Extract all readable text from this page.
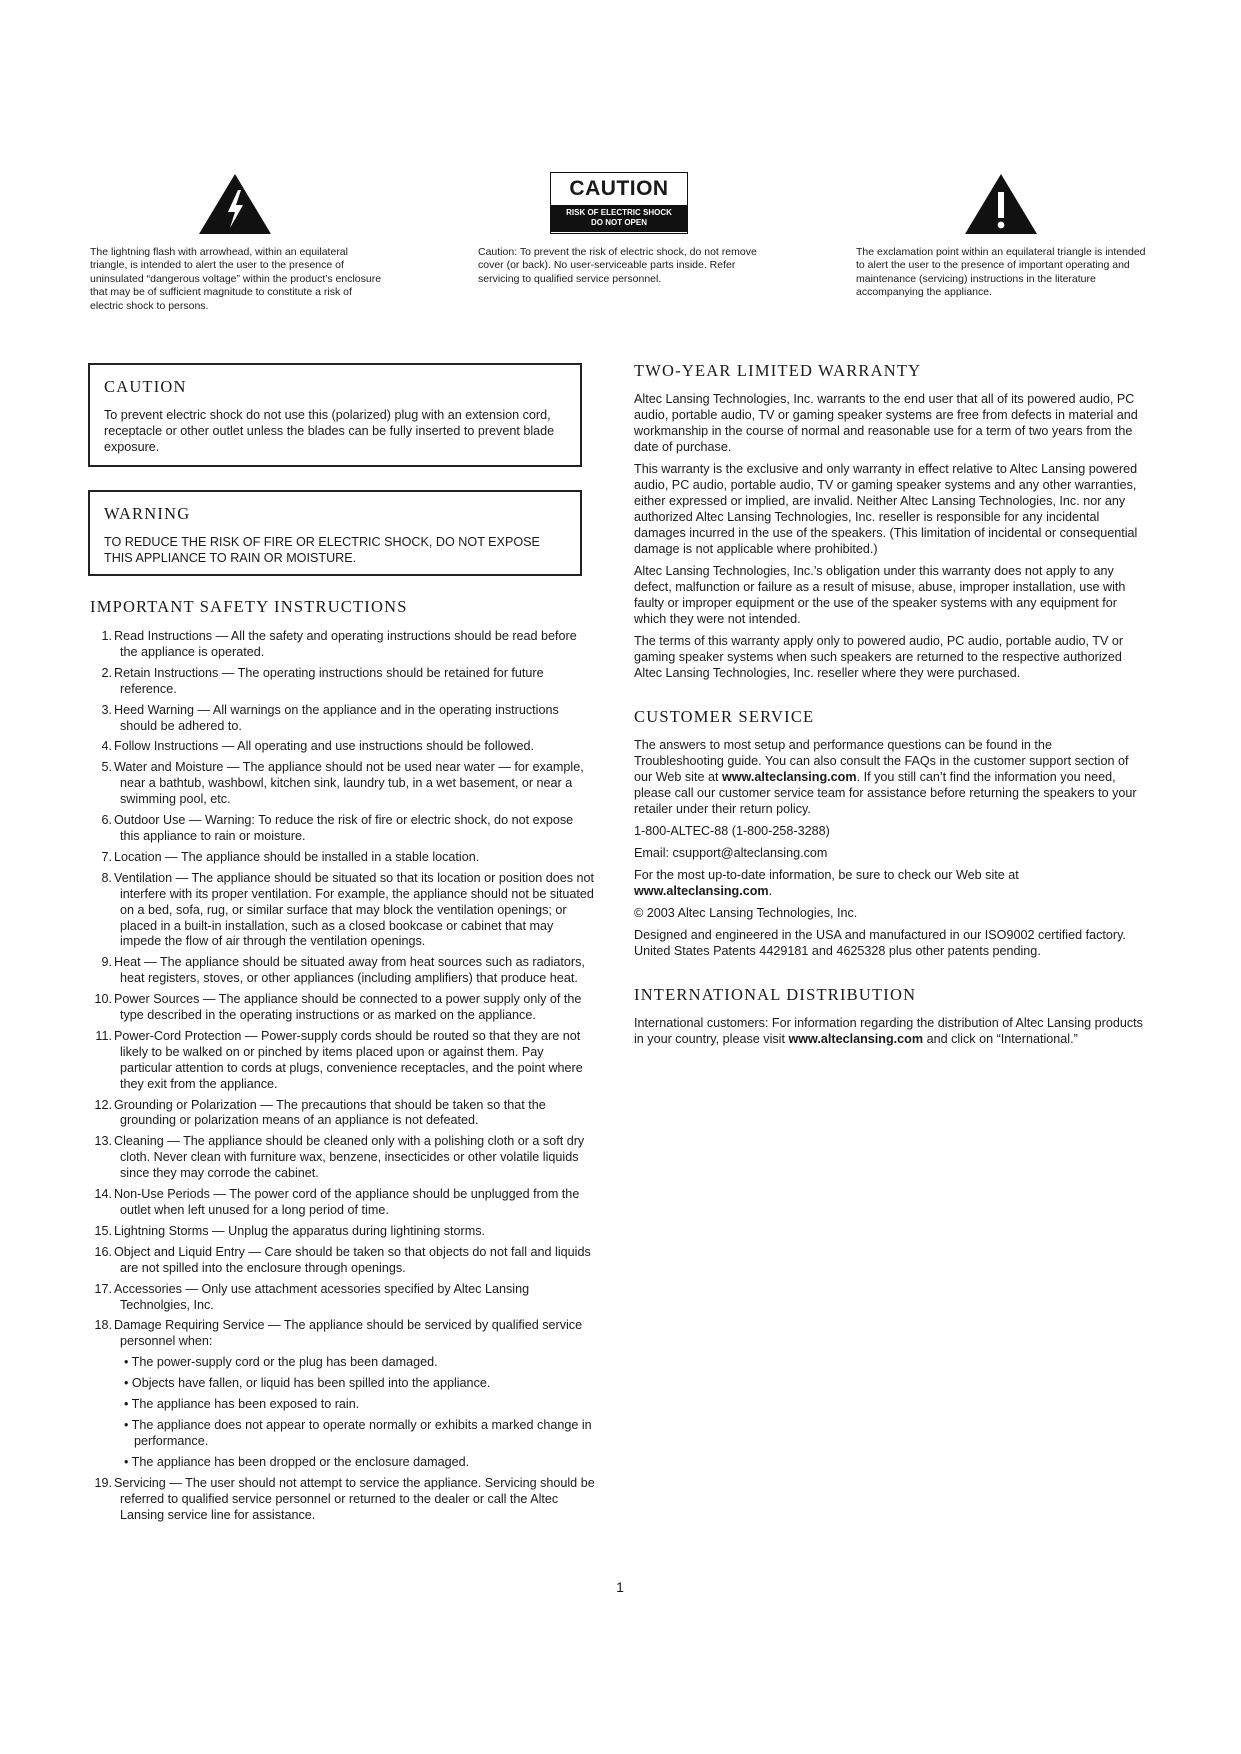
The lightning flash with arrowhead, within an equilateral triangle, is intended to alert the user to the presence of uninsulated “dangerous voltage” within the product’s enclosure that may be of sufficient magnitude to constitute a risk of electric shock to persons.
CAUTION
RISK OF ELECTRIC SHOCK
DO NOT OPEN
Caution: To prevent the risk of electric shock, do not remove cover (or back). No user-serviceable parts inside. Refer servicing to qualified service personnel.
The exclamation point within an equilateral triangle is intended to alert the user to the presence of important operating and maintenance (servicing) instructions in the literature accompanying the appliance.
CAUTION
To prevent electric shock do not use this (polarized) plug with an extension cord, receptacle or other outlet unless the blades can be fully inserted to prevent blade exposure.
WARNING
TO REDUCE THE RISK OF FIRE OR ELECTRIC SHOCK, DO NOT EXPOSE THIS APPLIANCE TO RAIN OR MOISTURE.
IMPORTANT SAFETY INSTRUCTIONS
1. Read Instructions — All the safety and operating instructions should be read before the appliance is operated.
2. Retain Instructions — The operating instructions should be retained for future reference.
3. Heed Warning — All warnings on the appliance and in the operating instructions should be adhered to.
4. Follow Instructions — All operating and use instructions should be followed.
5. Water and Moisture — The appliance should not be used near water — for example, near a bathtub, washbowl, kitchen sink, laundry tub, in a wet basement, or near a swimming pool, etc.
6. Outdoor Use — Warning: To reduce the risk of fire or electric shock, do not expose this appliance to rain or moisture.
7. Location — The appliance should be installed in a stable location.
8. Ventilation — The appliance should be situated so that its location or position does not interfere with its proper ventilation. For example, the appliance should not be situated on a bed, sofa, rug, or similar surface that may block the ventilation openings; or placed in a built-in installation, such as a closed bookcase or cabinet that may impede the flow of air through the ventilation openings.
9. Heat — The appliance should be situated away from heat sources such as radiators, heat registers, stoves, or other appliances (including amplifiers) that produce heat.
10. Power Sources — The appliance should be connected to a power supply only of the type described in the operating instructions or as marked on the appliance.
11. Power-Cord Protection — Power-supply cords should be routed so that they are not likely to be walked on or pinched by items placed upon or against them. Pay particular attention to cords at plugs, convenience receptacles, and the point where they exit from the appliance.
12. Grounding or Polarization — The precautions that should be taken so that the grounding or polarization means of an appliance is not defeated.
13. Cleaning — The appliance should be cleaned only with a polishing cloth or a soft dry cloth. Never clean with furniture wax, benzene, insecticides or other volatile liquids since they may corrode the cabinet.
14. Non-Use Periods — The power cord of the appliance should be unplugged from the outlet when left unused for a long period of time.
15. Lightning Storms — Unplug the apparatus during lightining storms.
16. Object and Liquid Entry — Care should be taken so that objects do not fall and liquids are not spilled into the enclosure through openings.
17. Accessories — Only use attachment acessories specified by Altec Lansing Technolgies, Inc.
18. Damage Requiring Service — The appliance should be serviced by qualified service personnel when:
• The power-supply cord or the plug has been damaged.
• Objects have fallen, or liquid has been spilled into the appliance.
• The appliance has been exposed to rain.
• The appliance does not appear to operate normally or exhibits a marked change in performance.
• The appliance has been dropped or the enclosure damaged.
19. Servicing — The user should not attempt to service the appliance. Servicing should be referred to qualified service personnel or returned to the dealer or call the Altec Lansing service line for assistance.
TWO-YEAR LIMITED WARRANTY

Altec Lansing Technologies, Inc. warrants to the end user that all of its powered audio, PC audio, portable audio, TV or gaming speaker systems are free from defects in material and workmanship in the course of normal and reasonable use for a term of two years from the date of purchase.

This warranty is the exclusive and only warranty in effect relative to Altec Lansing powered audio, PC audio, portable audio, TV or gaming speaker systems and any other warranties, either expressed or implied, are invalid. Neither Altec Lansing Technologies, Inc. nor any authorized Altec Lansing Technologies, Inc. reseller is responsible for any incidental damages incurred in the use of the speakers. (This limitation of incidental or consequential damage is not applicable where prohibited.)

Altec Lansing Technologies, Inc.’s obligation under this warranty does not apply to any defect, malfunction or failure as a result of misuse, abuse, improper installation, use with faulty or improper equipment or the use of the speaker systems with any equipment for which they were not intended.

The terms of this warranty apply only to powered audio, PC audio, portable audio, TV or gaming speaker systems when such speakers are returned to the respective authorized Altec Lansing Technologies, Inc. reseller where they were purchased.

CUSTOMER SERVICE

The answers to most setup and performance questions can be found in the Troubleshooting guide. You can also consult the FAQs in the customer support section of our Web site at www.alteclansing.com. If you still can’t find the information you need, please call our customer service team for assistance before returning the speakers to your retailer under their return policy.

1-800-ALTEC-88 (1-800-258-3288)

Email: csupport@alteclansing.com

For the most up-to-date information, be sure to check our Web site at www.alteclansing.com.

© 2003 Altec Lansing Technologies, Inc.

Designed and engineered in the USA and manufactured in our ISO9002 certified factory. United States Patents 4429181 and 4625328 plus other patents pending.

INTERNATIONAL DISTRIBUTION

International customers: For information regarding the distribution of Altec Lansing products in your country, please visit www.alteclansing.com and click on “International.”

1
